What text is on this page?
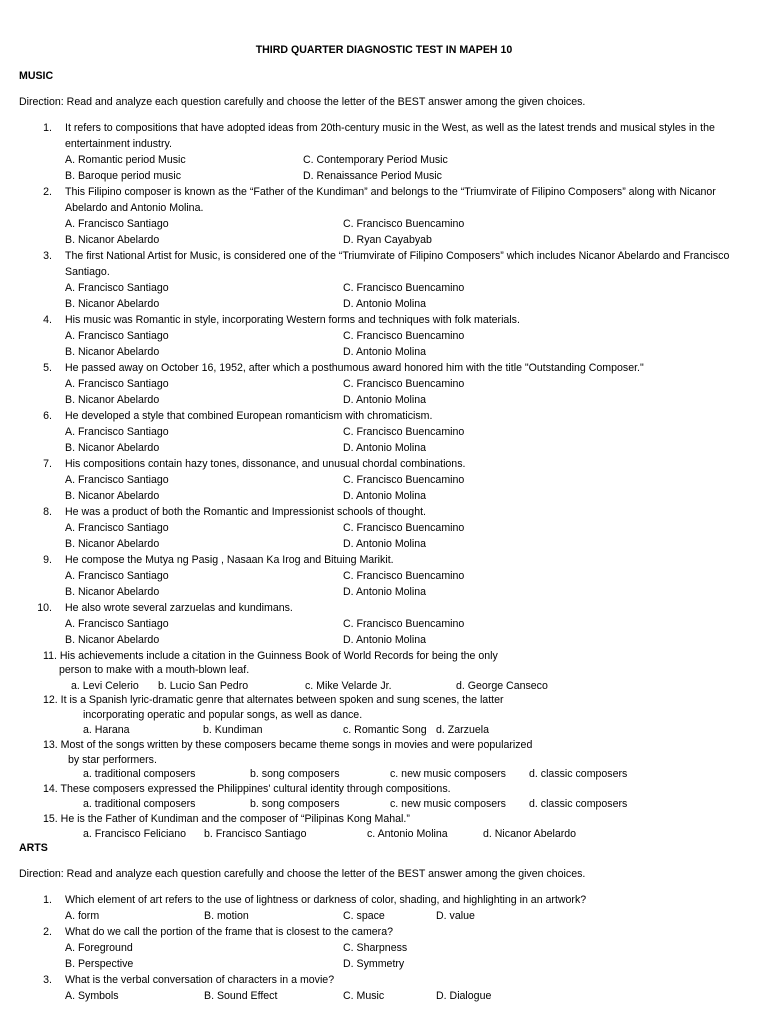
THIRD QUARTER DIAGNOSTIC TEST IN MAPEH 10
MUSIC
Direction: Read and analyze each question carefully and choose the letter of the BEST answer among the given choices.
1. It refers to compositions that have adopted ideas from 20th-century music in the West, as well as the latest trends and musical styles in the entertainment industry.
A. Romantic period Music	C. Contemporary Period Music
B. Baroque period music	D. Renaissance Period Music
2. This Filipino composer is known as the “Father of the Kundiman” and belongs to the “Triumvirate of Filipino Composers” along with Nicanor Abelardo and Antonio Molina.
A. Francisco Santiago	C. Francisco Buencamino
B. Nicanor Abelardo	D. Ryan Cayabyab
3. The first National Artist for Music, is considered one of the “Triumvirate of Filipino Composers” which includes Nicanor Abelardo and Francisco Santiago.
A. Francisco Santiago	C. Francisco Buencamino
B. Nicanor Abelardo	D. Antonio Molina
4. His music was Romantic in style, incorporating Western forms and techniques with folk materials.
A. Francisco Santiago	C. Francisco Buencamino
B. Nicanor Abelardo	D. Antonio Molina
5. He passed away on October 16, 1952, after which a posthumous award honored him with the title "Outstanding Composer."
A. Francisco Santiago	C. Francisco Buencamino
B. Nicanor Abelardo	D. Antonio Molina
6. He developed a style that combined European romanticism with chromaticism.
A. Francisco Santiago	C. Francisco Buencamino
B. Nicanor Abelardo	D. Antonio Molina
7. His compositions contain hazy tones, dissonance, and unusual chordal combinations.
A. Francisco Santiago	C. Francisco Buencamino
B. Nicanor Abelardo	D. Antonio Molina
8. He was a product of both the Romantic and Impressionist schools of thought.
A. Francisco Santiago	C. Francisco Buencamino
B. Nicanor Abelardo	D. Antonio Molina
9. He compose the Mutya ng Pasig , Nasaan Ka Irog and Bituing Marikit.
A. Francisco Santiago	C. Francisco Buencamino
B. Nicanor Abelardo	D. Antonio Molina
10. He also wrote several zarzuelas and kundimans.
A. Francisco Santiago	C. Francisco Buencamino
B. Nicanor Abelardo	D. Antonio Molina
11. His achievements include a citation in the Guinness Book of World Records for being the only
person to make with a mouth-blown leaf.
a. Levi Celerio b. Lucio San Pedro	c. Mike Velarde Jr.	d. George Canseco
12. It is a Spanish lyric-dramatic genre that alternates between spoken and sung scenes, the latter
incorporating operatic and popular songs, as well as dance.
a. Harana	b. Kundiman	c. Romantic Song d. Zarzuela
13. Most of the songs written by these composers became theme songs in movies and were popularized
by star performers.
a. traditional composers	b. song composers	c. new music composers d. classic composers
14. These composers expressed the Philippines' cultural identity through compositions.
a. traditional composers	b. song composers	c. new music composers d. classic composers
15. He is the Father of Kundiman and the composer of “Pilipinas Kong Mahal.”
a. Francisco Feliciano b. Francisco Santiago	c. Antonio Molina	d. Nicanor Abelardo
ARTS
Direction: Read and analyze each question carefully and choose the letter of the BEST answer among the given choices.
1. Which element of art refers to the use of lightness or darkness of color, shading, and highlighting in an artwork?
A. form	B. motion	C. space	D. value
2. What do we call the portion of the frame that is closest to the camera?
A. Foreground	C. Sharpness
B. Perspective	D. Symmetry
3. What is the verbal conversation of characters in a movie?
A. Symbols	B. Sound Effect	C. Music	D. Dialogue
